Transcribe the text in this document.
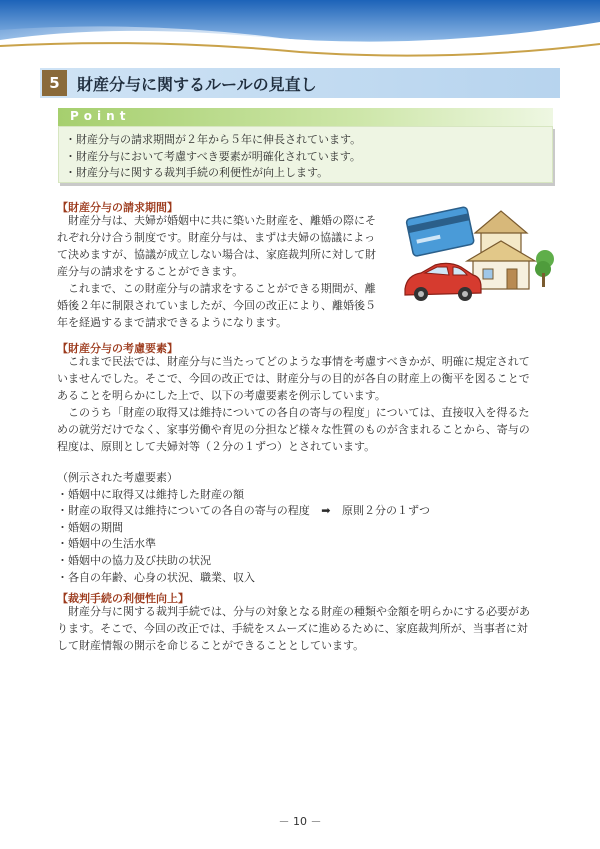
5	財産分与に関するルールの見直し
Point
・財産分与の請求期間が２年から５年に伸長されています。
・財産分与において考慮すべき要素が明確化されています。
・財産分与に関する裁判手続の利便性が向上します。
【財産分与の請求期間】

　財産分与は、夫婦が婚姻中に共に築いた財産を、離婚の際にそ

れぞれ分け合う制度です。財産分与は、まずは夫婦の協議によっ

て決めますが、協議が成立しない場合は、家庭裁判所に対して財

産分与の請求をすることができます。

　これまで、この財産分与の請求をすることができる期間が、離

婚後２年に制限されていましたが、今回の改正により、離婚後５

年を経過するまで請求できるようになります。

【財産分与の考慮要素】

　これまで民法では、財産分与に当たってどのような事情を考慮すべきかが、明確に規定されて

いませんでした。そこで、今回の改正では、財産分与の目的が各自の財産上の衡平を図ることで

あることを明らかにした上で、以下の考慮要素を例示しています。

　このうち「財産の取得又は維持についての各自の寄与の程度」については、直接収入を得るた

めの就労だけでなく、家事労働や育児の分担など様々な性質のものが含まれることから、寄与の

程度は、原則として夫婦対等（２分の１ずつ）とされています。

（例示された考慮要素）
・婚姻中に取得又は維持した財産の額
・財産の取得又は維持についての各自の寄与の程度 ➡ 原則２分の１ずつ
・婚姻の期間
・婚姻中の生活水準
・婚姻中の協力及び扶助の状況
・各自の年齢、心身の状況、職業、収入
【裁判手続の利便性向上】

　財産分与に関する裁判手続では、分与の対象となる財産の種類や金額を明らかにする必要があ

ります。そこで、今回の改正では、手続をスムーズに進めるために、家庭裁判所が、当事者に対

して財産情報の開示を命じることができることとしています。

－ 10 －
